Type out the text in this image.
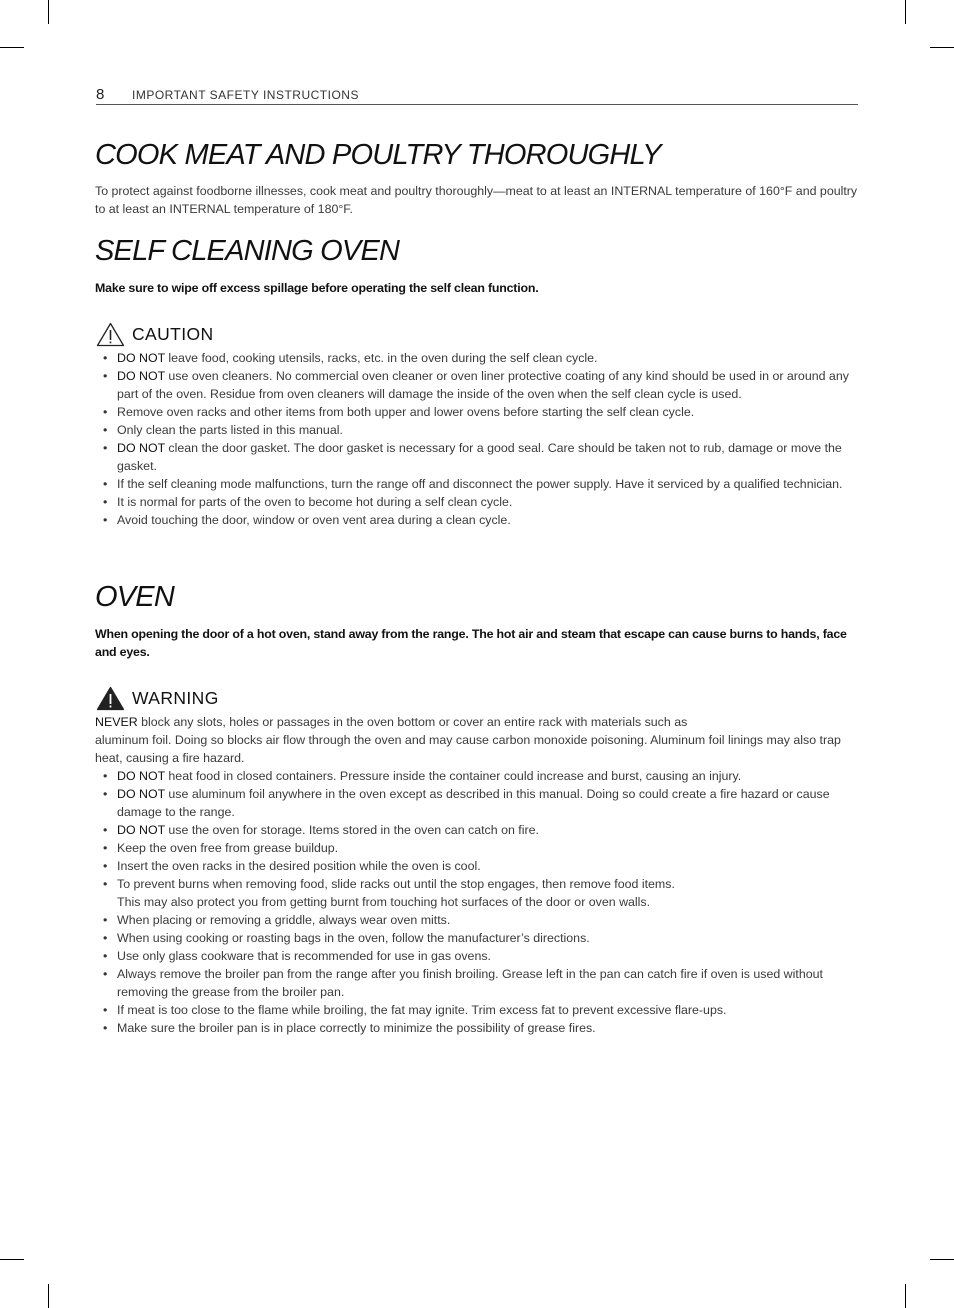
8 IMPORTANT SAFETY INSTRUCTIONS
COOK MEAT AND POULTRY THOROUGHLY

To protect against foodborne illnesses, cook meat and poultry thoroughly—meat to at least an INTERNAL temperature of 160°F and poultry to at least an INTERNAL temperature of 180°F.

SELF CLEANING OVEN

Make sure to wipe off excess spillage before operating the self clean function.

CAUTION
• DO NOT leave food, cooking utensils, racks, etc. in the oven during the self clean cycle.
• DO NOT use oven cleaners. No commercial oven cleaner or oven liner protective coating of any kind should be used in or around any part of the oven. Residue from oven cleaners will damage the inside of the oven when the self clean cycle is used.
• Remove oven racks and other items from both upper and lower ovens before starting the self clean cycle.
• Only clean the parts listed in this manual.
• DO NOT clean the door gasket. The door gasket is necessary for a good seal. Care should be taken not to rub, damage or move the gasket.
• If the self cleaning mode malfunctions, turn the range off and disconnect the power supply. Have it serviced by a qualified technician.
• It is normal for parts of the oven to become hot during a self clean cycle.
• Avoid touching the door, window or oven vent area during a clean cycle.
OVEN

When opening the door of a hot oven, stand away from the range. The hot air and steam that escape can cause burns to hands, face and eyes.

WARNING

NEVER block any slots, holes or passages in the oven bottom or cover an entire rack with materials such as
aluminum foil. Doing so blocks air flow through the oven and may cause carbon monoxide poisoning. Aluminum foil linings may also trap heat, causing a fire hazard.

• DO NOT heat food in closed containers. Pressure inside the container could increase and burst, causing an injury.
• DO NOT use aluminum foil anywhere in the oven except as described in this manual. Doing so could create a fire hazard or cause damage to the range.
• DO NOT use the oven for storage. Items stored in the oven can catch on fire.
• Keep the oven free from grease buildup.
• Insert the oven racks in the desired position while the oven is cool.
• To prevent burns when removing food, slide racks out until the stop engages, then remove food items.
This may also protect you from getting burnt from touching hot surfaces of the door or oven walls.
• When placing or removing a griddle, always wear oven mitts.
• When using cooking or roasting bags in the oven, follow the manufacturer’s directions.
• Use only glass cookware that is recommended for use in gas ovens.
• Always remove the broiler pan from the range after you finish broiling. Grease left in the pan can catch fire if oven is used without removing the grease from the broiler pan.
• If meat is too close to the flame while broiling, the fat may ignite. Trim excess fat to prevent excessive flare-ups.
• Make sure the broiler pan is in place correctly to minimize the possibility of grease fires.
